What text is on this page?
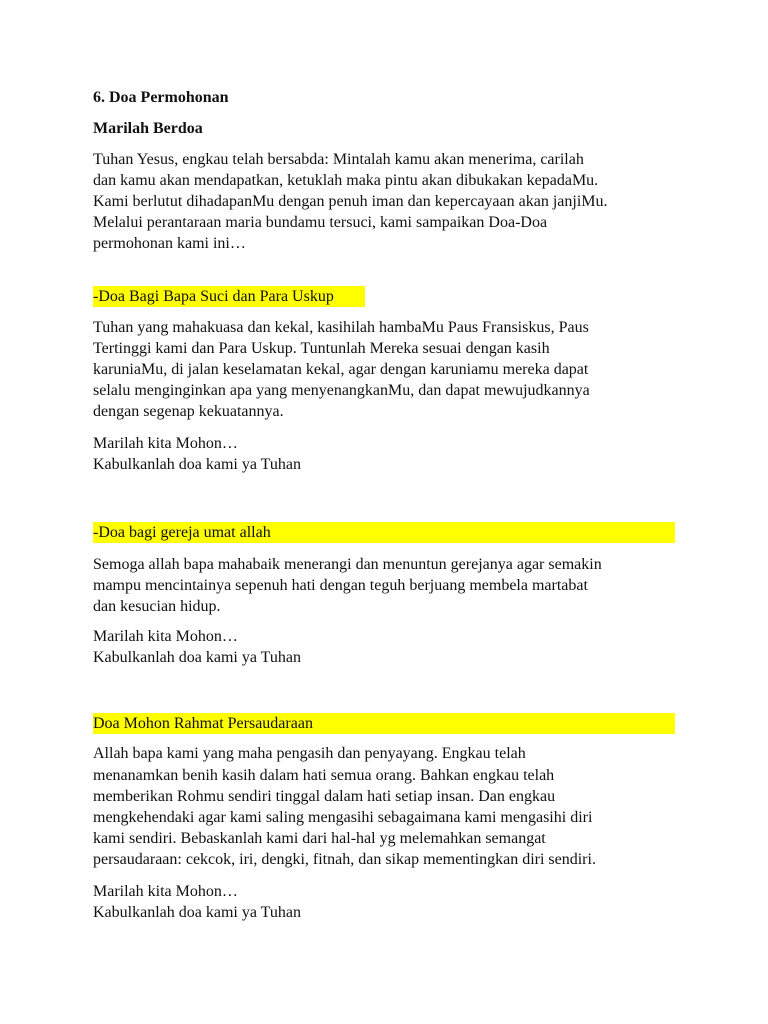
6. Doa Permohonan
Marilah Berdoa
Tuhan Yesus, engkau telah bersabda: Mintalah kamu akan menerima, carilah
dan kamu akan mendapatkan, ketuklah maka pintu akan dibukakan kepadaMu.
Kami berlutut dihadapanMu dengan penuh iman dan kepercayaan akan janjiMu.
Melalui perantaraan maria bundamu tersuci, kami sampaikan Doa-Doa
permohonan kami ini…
-Doa Bagi Bapa Suci dan Para Uskup
Tuhan yang mahakuasa dan kekal, kasihilah hambaMu Paus Fransiskus, Paus
Tertinggi kami dan Para Uskup. Tuntunlah Mereka sesuai dengan kasih
karuniaMu, di jalan keselamatan kekal, agar dengan karuniamu mereka dapat
selalu menginginkan apa yang menyenangkanMu, dan dapat mewujudkannya
dengan segenap kekuatannya.
Marilah kita Mohon…
Kabulkanlah doa kami ya Tuhan
-Doa bagi gereja umat allah
Semoga allah bapa mahabaik menerangi dan menuntun gerejanya agar semakin
mampu mencintainya sepenuh hati dengan teguh berjuang membela martabat
dan kesucian hidup.
Marilah kita Mohon…
Kabulkanlah doa kami ya Tuhan
Doa Mohon Rahmat Persaudaraan
Allah bapa kami yang maha pengasih dan penyayang. Engkau telah
menanamkan benih kasih dalam hati semua orang. Bahkan engkau telah
memberikan Rohmu sendiri tinggal dalam hati setiap insan. Dan engkau
mengkehendaki agar kami saling mengasihi sebagaimana kami mengasihi diri
kami sendiri. Bebaskanlah kami dari hal-hal yg melemahkan semangat
persaudaraan: cekcok, iri, dengki, fitnah, dan sikap mementingkan diri sendiri.
Marilah kita Mohon…
Kabulkanlah doa kami ya Tuhan
